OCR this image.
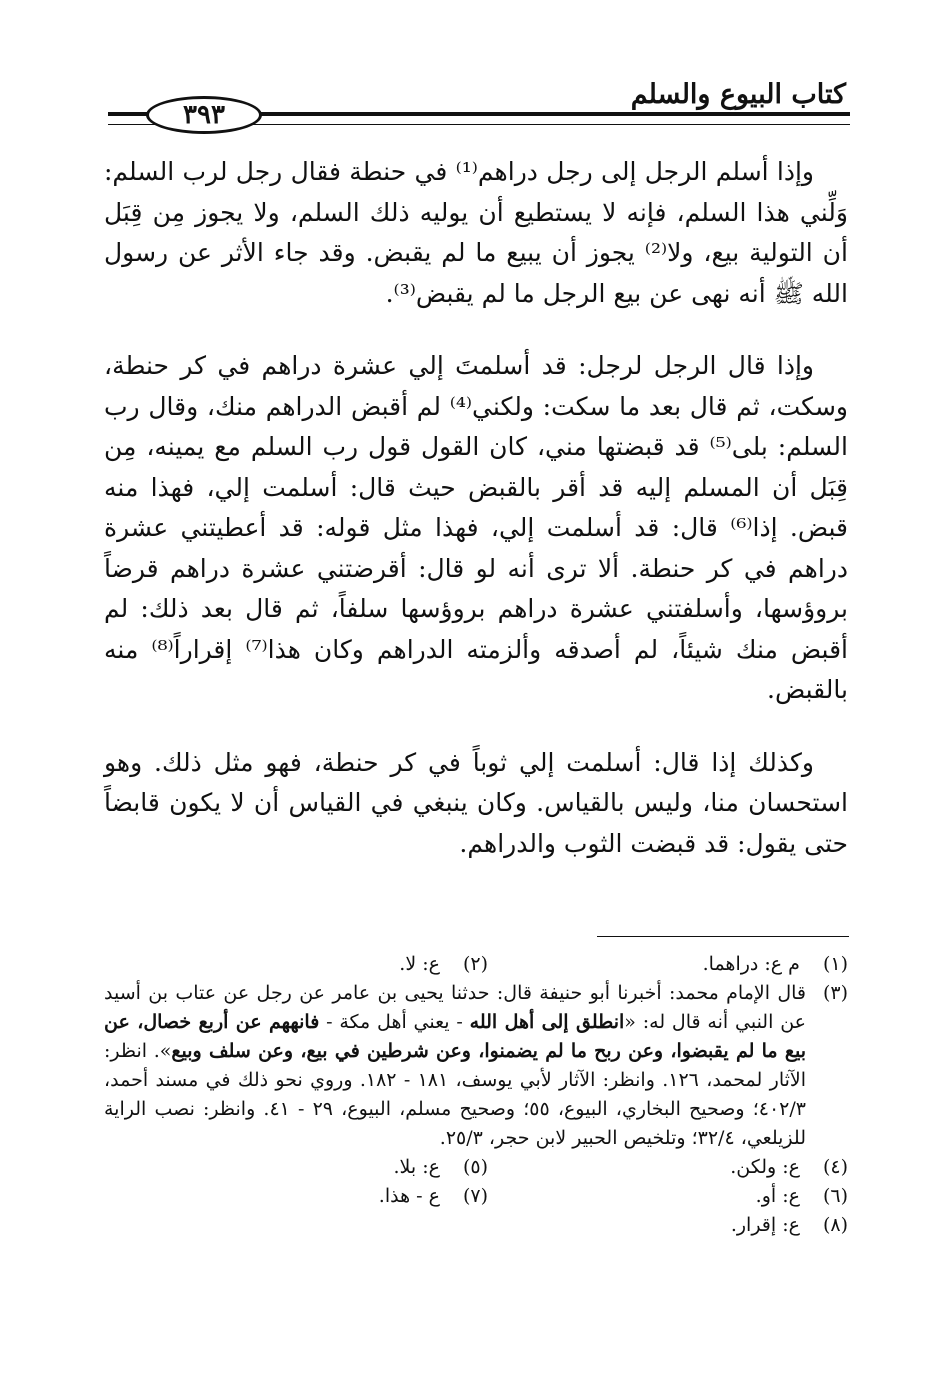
كتاب البيوع والسلم
٣٩٣

وإذا أسلم الرجل إلى رجل دراهم⁽¹⁾ في حنطة فقال رجل لرب السلم: وَلِّني هذا السلم، فإنه لا يستطيع أن يوليه ذلك السلم، ولا يجوز مِن قِبَل أن التولية بيع، ولا⁽²⁾ يجوز أن يبيع ما لم يقبض. وقد جاء الأثر عن رسول الله ﷺ أنه نهى عن بيع الرجل ما لم يقبض⁽³⁾.

وإذا قال الرجل لرجل: قد أسلمتَ إلي عشرة دراهم في كر حنطة، وسكت، ثم قال بعد ما سكت: ولكني⁽⁴⁾ لم أقبض الدراهم منك، وقال رب السلم: بلى⁽⁵⁾ قد قبضتها مني، كان القول قول رب السلم مع يمينه، مِن قِبَل أن المسلم إليه قد أقر بالقبض حيث قال: أسلمت إلي، فهذا منه قبض. إذا⁽⁶⁾ قال: قد أسلمت إلي، فهذا مثل قوله: قد أعطيتني عشرة دراهم في كر حنطة. ألا ترى أنه لو قال: أقرضتني عشرة دراهم قرضاً بروؤسها، وأسلفتني عشرة دراهم بروؤسها سلفاً، ثم قال بعد ذلك: لم أقبض منك شيئاً، لم أصدقه وألزمته الدراهم وكان هذا⁽⁷⁾ إقراراً⁽⁸⁾ منه بالقبض.

وكذلك إذا قال: أسلمت إلي ثوباً في كر حنطة، فهو مثل ذلك. وهو استحسان منا، وليس بالقياس. وكان ينبغي في القياس أن لا يكون قابضاً حتى يقول: قد قبضت الثوب والدراهم.

(١) م ع: دراهما.
(٢) ع: لا.
(٣)
قال الإمام محمد: أخبرنا أبو حنيفة قال: حدثنا يحيى بن عامر عن رجل عن عتاب بن أسيد عن النبي أنه قال له: «انطلق إلى أهل الله - يعني أهل مكة - فانههم عن أربع خصال، عن بيع ما لم يقبضوا، وعن ربح ما لم يضمنوا، وعن شرطين في بيع، وعن سلف وبيع». انظر: الآثار لمحمد، ١٢٦. وانظر: الآثار لأبي يوسف، ١٨١ - ١٨٢. وروي نحو ذلك في مسند أحمد، ٤٠٢/٣؛ وصحيح البخاري، البيوع، ٥٥؛ وصحيح مسلم، البيوع، ٢٩ - ٤١. وانظر: نصب الراية للزيلعي، ٣٢/٤؛ وتلخيص الحبير لابن حجر، ٢٥/٣.
(٤) ع: ولكن.
(٥) ع: بلا.
(٦) ع: أو.
(٧) ع - هذا.
(٨) ع: إقرار.
